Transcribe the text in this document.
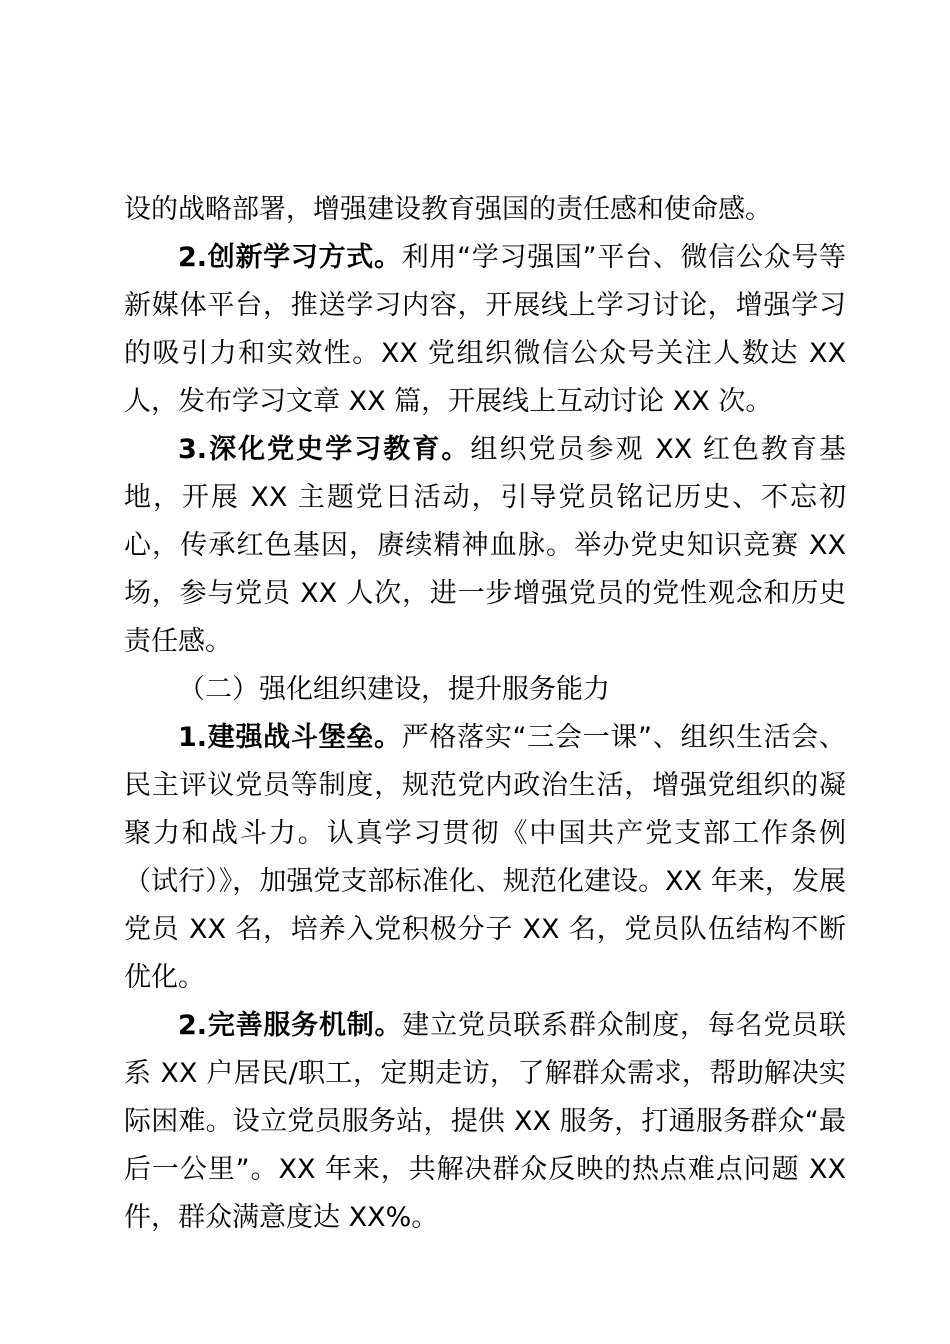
设的战略部署，增强建设教育强国的责任感和使命感。

2.创新学习方式。利用“学习强国”平台、微信公众号等新媒体平台，推送学习内容，开展线上学习讨论，增强学习的吸引力和实效性。XX 党组织微信公众号关注人数达 XX 人，发布学习文章 XX 篇，开展线上互动讨论 XX 次。

3.深化党史学习教育。组织党员参观 XX 红色教育基地，开展 XX 主题党日活动，引导党员铭记历史、不忘初心，传承红色基因，赓续精神血脉。举办党史知识竞赛 XX 场，参与党员 XX 人次，进一步增强党员的党性观念和历史责任感。

（二）强化组织建设，提升服务能力

1.建强战斗堡垒。严格落实“三会一课”、组织生活会、民主评议党员等制度，规范党内政治生活，增强党组织的凝聚力和战斗力。认真学习贯彻《中国共产党支部工作条例（试行）》，加强党支部标准化、规范化建设。XX 年来，发展党员 XX 名，培养入党积极分子 XX 名，党员队伍结构不断优化。

2.完善服务机制。建立党员联系群众制度，每名党员联系 XX 户居民/职工，定期走访，了解群众需求，帮助解决实际困难。设立党员服务站，提供 XX 服务，打通服务群众“最后一公里”。XX 年来，共解决群众反映的热点难点问题 XX 件，群众满意度达 XX%。
